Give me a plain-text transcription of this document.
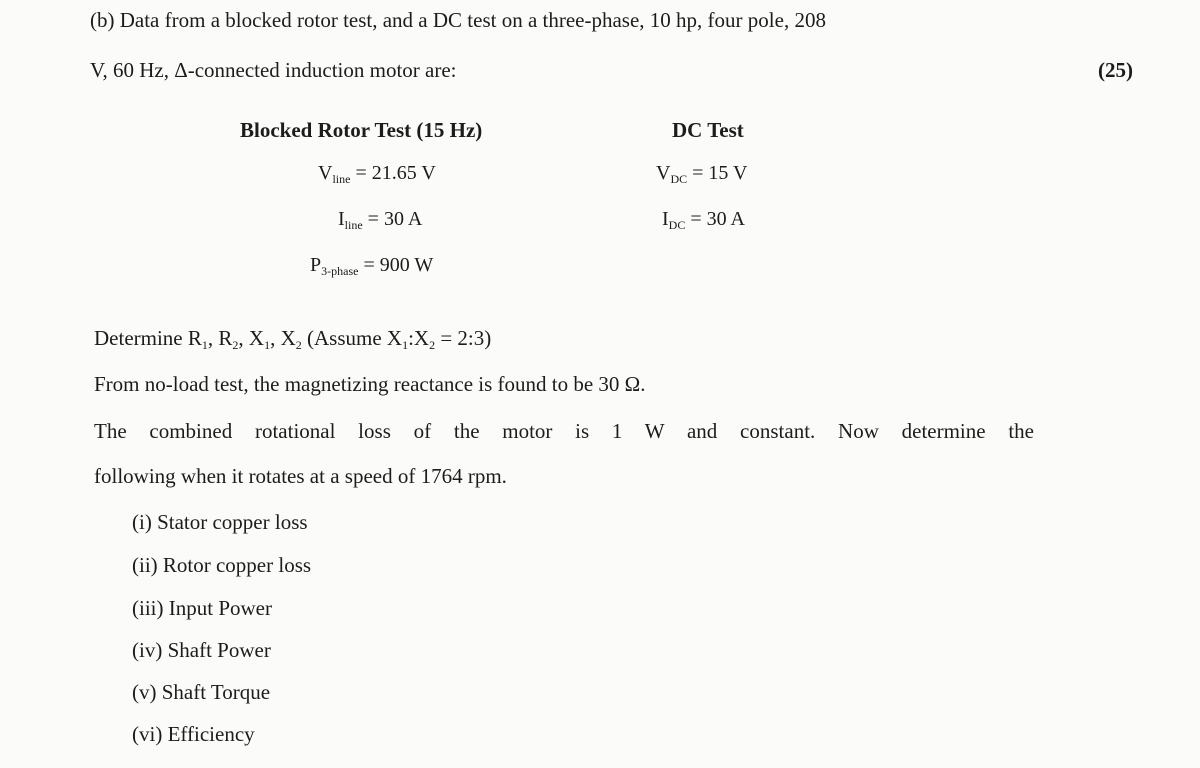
(b) Data from a blocked rotor test, and a DC test on a three-phase, 10 hp, four pole, 208
V, 60 Hz, Δ-connected induction motor are:	(25)
Blocked Rotor Test (15 Hz)
$V_{line} = 21.65$ V
$I_{line} = 30$ A
$P_{3-phase} = 900$ W
DC Test
$V_{DC} = 15$ V
$I_{DC} = 30$ A
Determine $R_1$, $R_2$, $X_1$, $X_2$ (Assume $X_1:X_2$ = 2:3)
From no-load test, the magnetizing reactance is found to be 30 Ω.
The combined rotational loss of the motor is 1 W and constant. Now determine the
following when it rotates at a speed of 1764 rpm.
(i) Stator copper loss
(ii) Rotor copper loss
(iii) Input Power
(iv) Shaft Power
(v) Shaft Torque
(vi) Efficiency
